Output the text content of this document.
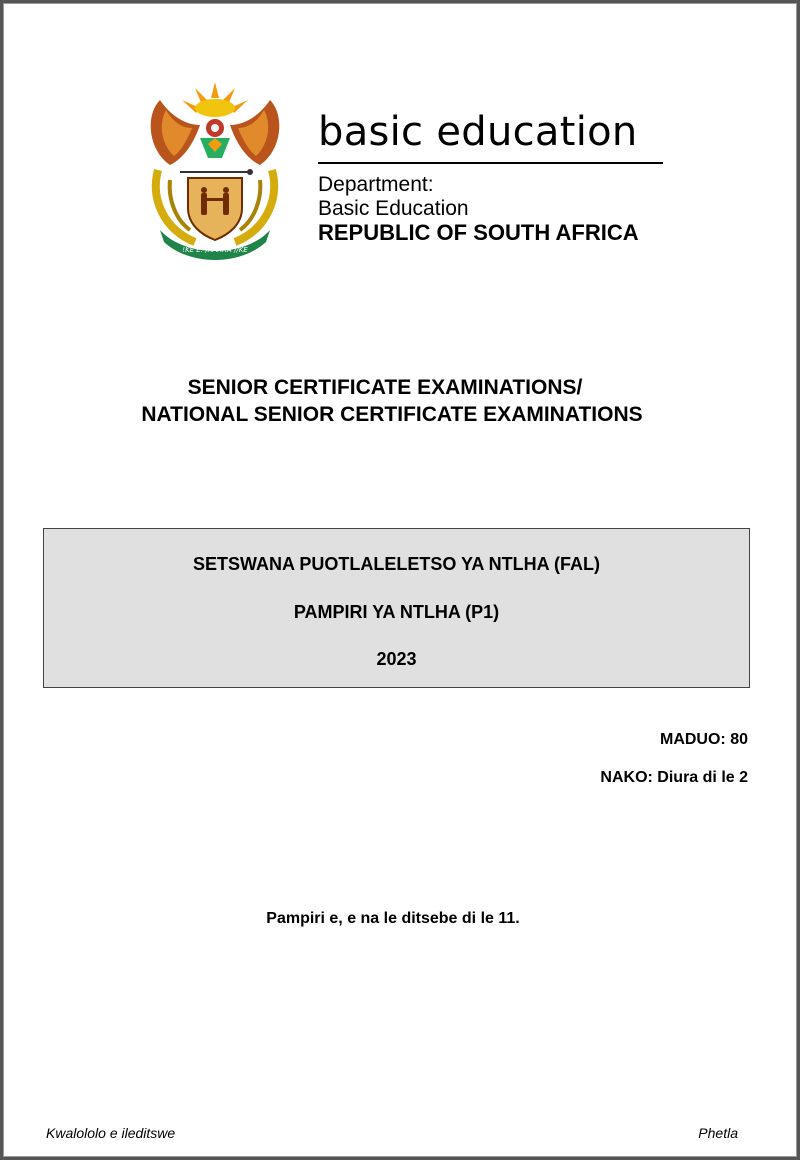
!KE E: /XARRA //KE
basic education
Department:
Basic Education
REPUBLIC OF SOUTH AFRICA
SENIOR CERTIFICATE EXAMINATIONS/
NATIONAL SENIOR CERTIFICATE EXAMINATIONS
SETSWANA PUOTLALELETSO YA NTLHA (FAL)
PAMPIRI YA NTLHA (P1)
2023
MADUO: 80
NAKO: Diura di le 2
Pampiri e, e na le ditsebe di le 11.
Kwalololo e ileditswe	Phetla
